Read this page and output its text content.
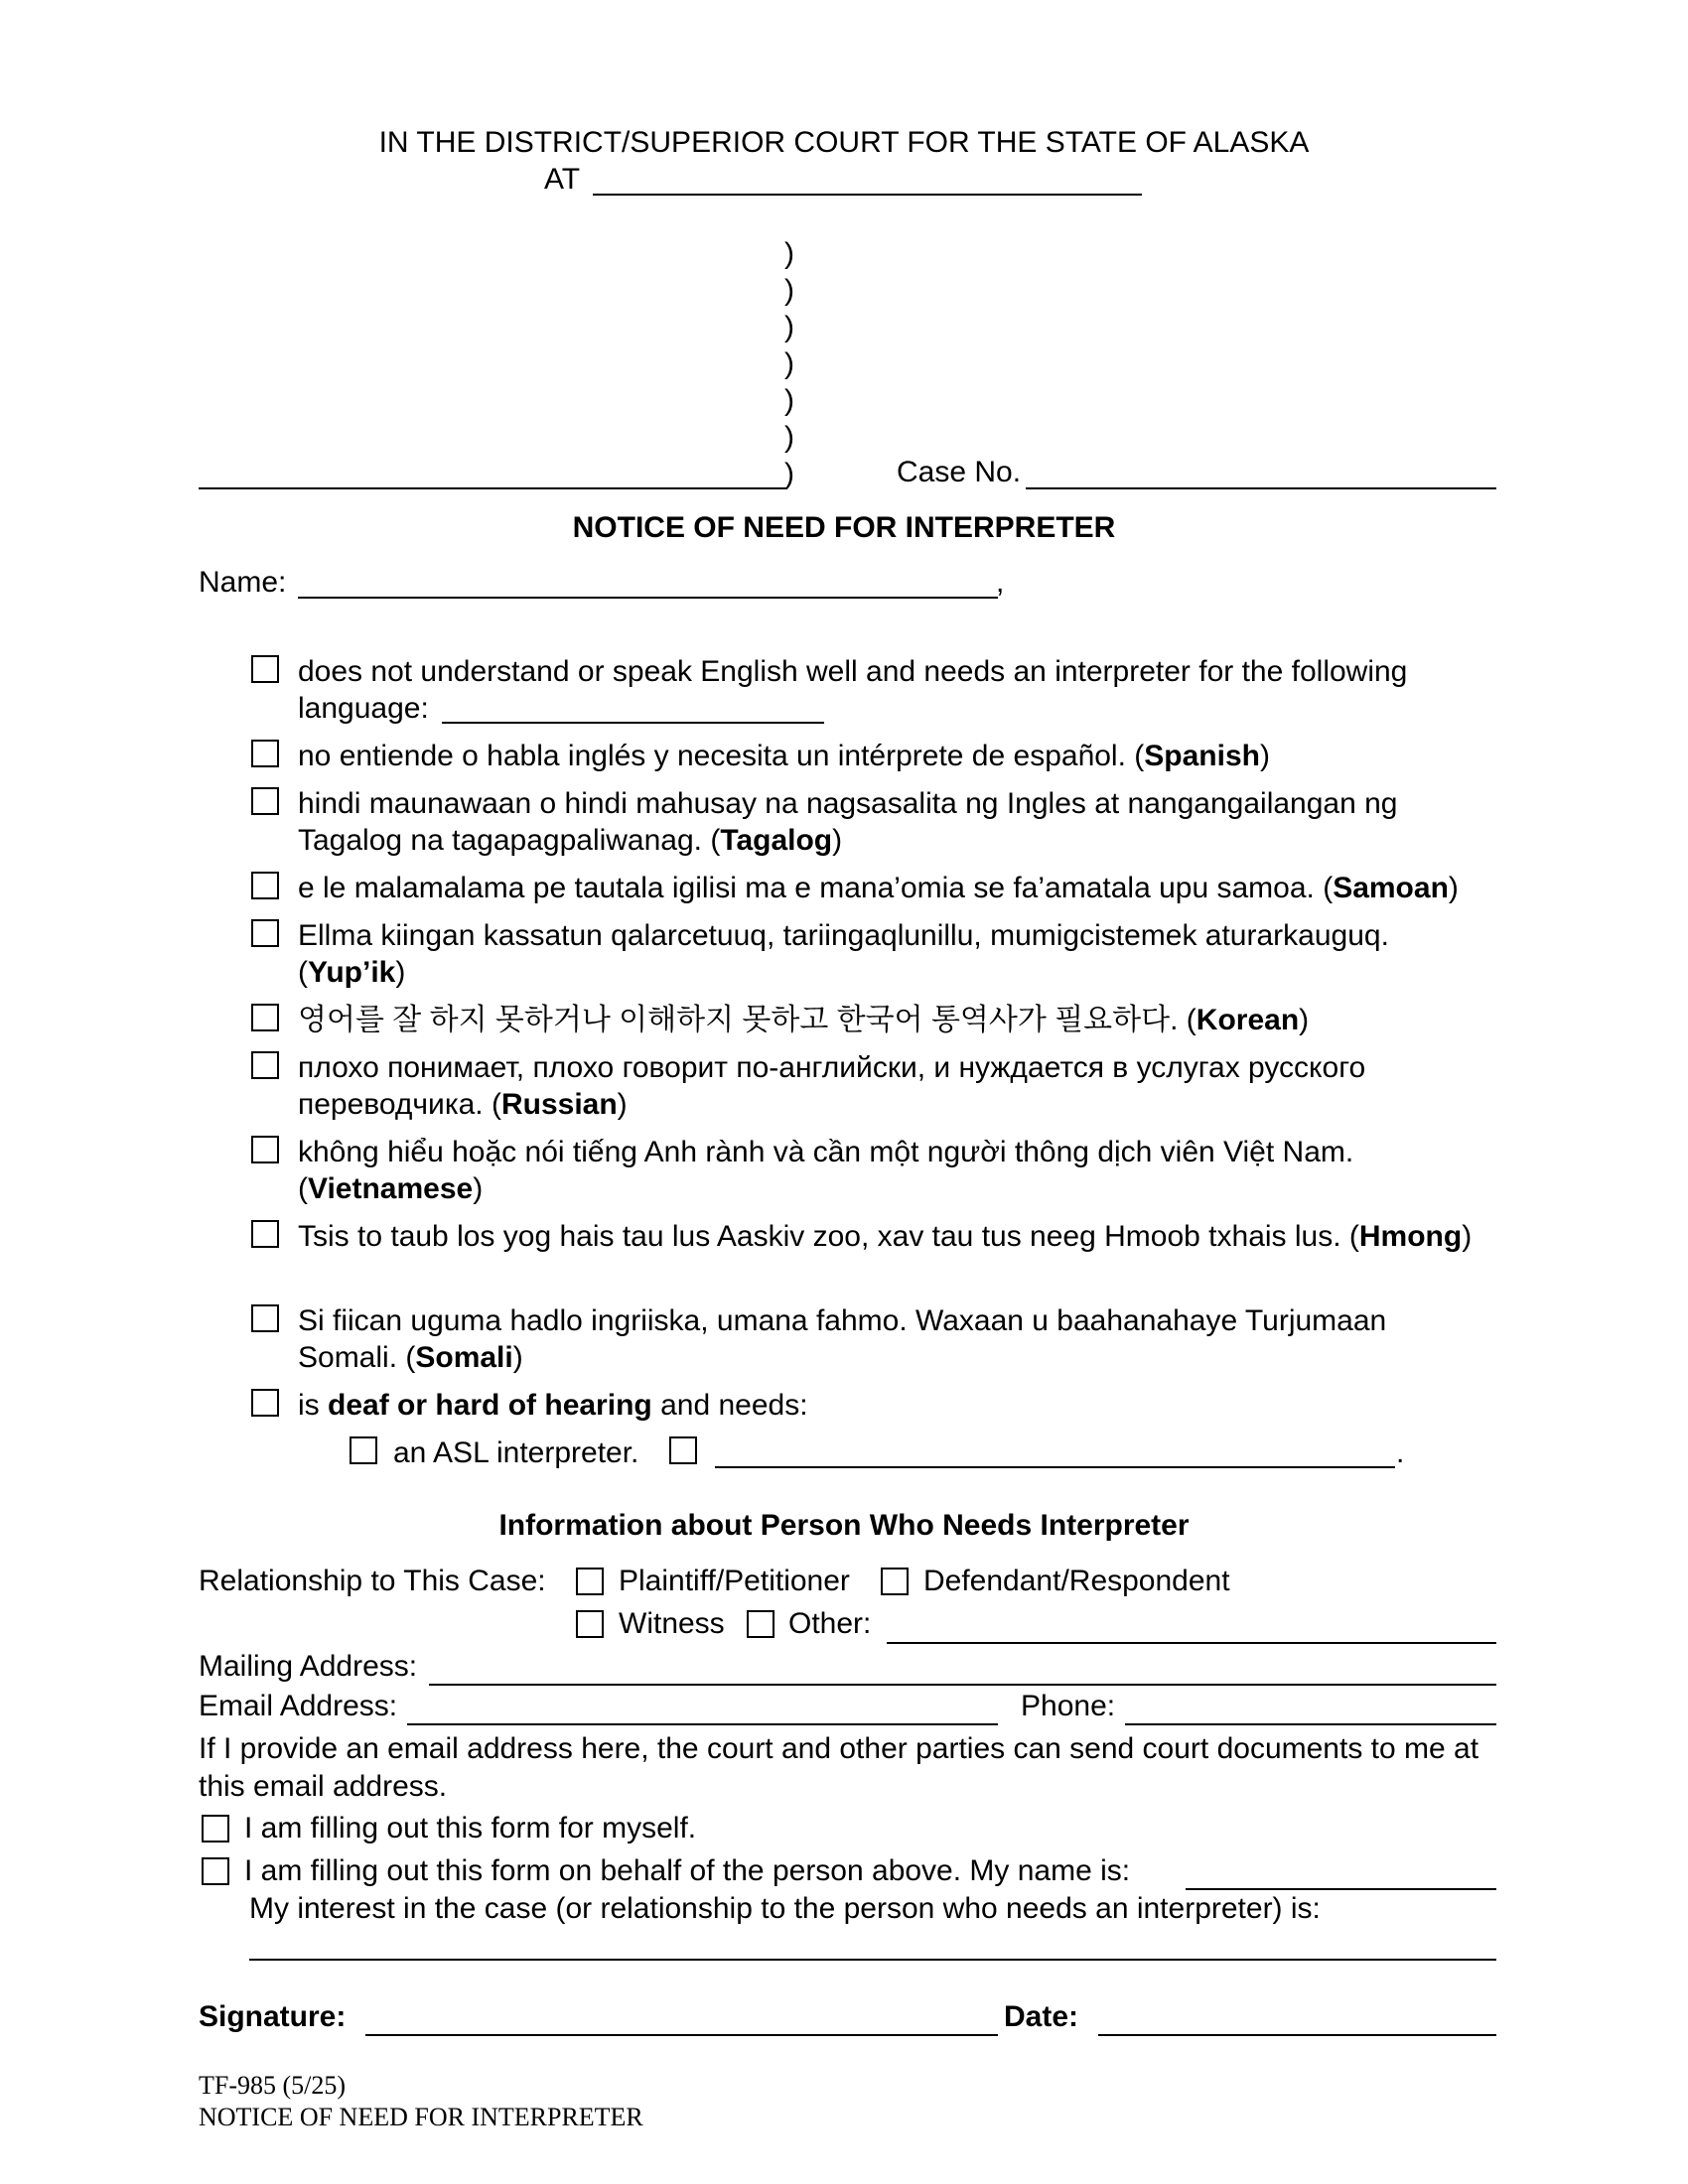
IN THE DISTRICT/SUPERIOR COURT FOR THE STATE OF ALASKA
AT
)
)
)
)
)
)
)	Case No.
NOTICE OF NEED FOR INTERPRETER
Name:	,
does not understand or speak English well and needs an interpreter for the following
language:
no entiende o habla inglés y necesita un intérprete de español. (Spanish)
hindi maunawaan o hindi mahusay na nagsasalita ng Ingles at nangangailangan ng Tagalog na tagapagpaliwanag. (Tagalog)
e le malamalama pe tautala igilisi ma e mana’omia se fa’amatala upu samoa. (Samoan)
Ellma kiingan kassatun qalarcetuuq, tariingaqlunillu, mumigcistemek aturarkauguq. (Yup’ik)
영어를 잘 하지 못하거나 이해하지 못하고 한국어 통역사가 필요하다. (Korean)
плохо понимает, плохо говорит по-английски, и нуждается в услугах русского переводчика. (Russian)
không hiểu hoặc nói tiếng Anh rành và cần một người thông dịch viên Việt Nam. (Vietnamese)
Tsis to taub los yog hais tau lus Aaskiv zoo, xav tau tus neeg Hmoob txhais lus. (Hmong)
Si fiican uguma hadlo ingriiska, umana fahmo. Waxaan u baahanahaye Turjumaan Somali. (Somali)
is deaf or hard of hearing and needs:
an ASL interpreter.	.
Information about Person Who Needs Interpreter
Relationship to This Case: Plaintiff/Petitioner Defendant/Respondent
Witness Other:
Mailing Address:
Email Address:	Phone:
If I provide an email address here, the court and other parties can send court documents to me at this email address.
I am filling out this form for myself.
I am filling out this form on behalf of the person above. My name is:
My interest in the case (or relationship to the person who needs an interpreter) is:
Signature:	Date:
TF-985 (5/25)
NOTICE OF NEED FOR INTERPRETER
